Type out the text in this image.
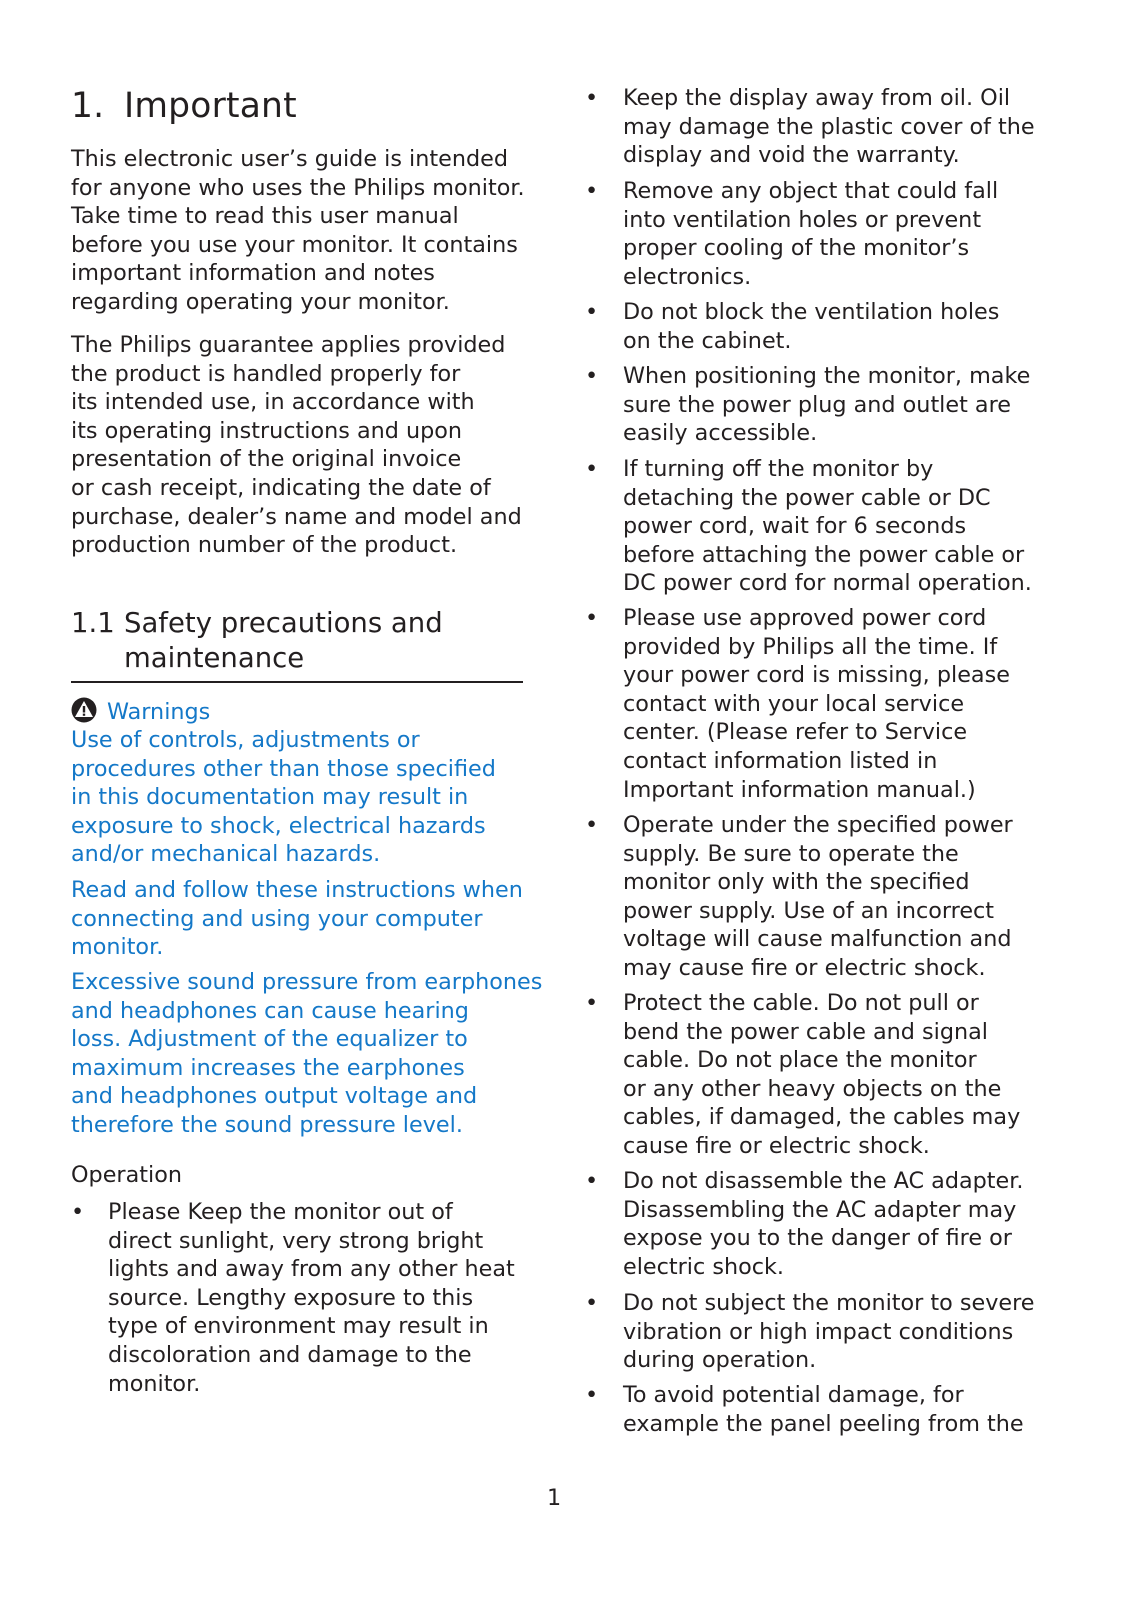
1. Important

This electronic user’s guide is intended
for anyone who uses the Philips monitor.
Take time to read this user manual
before you use your monitor. It contains
important information and notes
regarding operating your monitor.

The Philips guarantee applies provided
the product is handled properly for
its intended use, in accordance with
its operating instructions and upon
presentation of the original invoice
or cash receipt, indicating the date of
purchase, dealer’s name and model and
production number of the product.

1.1 Safety precautions and
maintenance
Warnings

Use of controls, adjustments or
procedures other than those specified
in this documentation may result in
exposure to shock, electrical hazards
and/or mechanical hazards.

Read and follow these instructions when
connecting and using your computer
monitor.

Excessive sound pressure from earphones
and headphones can cause hearing
loss. Adjustment of the equalizer to
maximum increases the earphones
and headphones output voltage and
therefore the sound pressure level.

Operation
• Please Keep the monitor out of
direct sunlight, very strong bright
lights and away from any other heat
source. Lengthy exposure to this
type of environment may result in
discoloration and damage to the
monitor.
• Keep the display away from oil. Oil
may damage the plastic cover of the
display and void the warranty.
• Remove any object that could fall
into ventilation holes or prevent
proper cooling of the monitor’s
electronics.
• Do not block the ventilation holes
on the cabinet.
• When positioning the monitor, make
sure the power plug and outlet are
easily accessible.
• If turning off the monitor by
detaching the power cable or DC
power cord, wait for 6 seconds
before attaching the power cable or
DC power cord for normal operation.
• Please use approved power cord
provided by Philips all the time. If
your power cord is missing, please
contact with your local service
center. (Please refer to Service
contact information listed in
Important information manual.)
• Operate under the specified power
supply. Be sure to operate the
monitor only with the specified
power supply. Use of an incorrect
voltage will cause malfunction and
may cause fire or electric shock.
• Protect the cable. Do not pull or
bend the power cable and signal
cable. Do not place the monitor
or any other heavy objects on the
cables, if damaged, the cables may
cause fire or electric shock.
• Do not disassemble the AC adapter.
Disassembling the AC adapter may
expose you to the danger of fire or
electric shock.
• Do not subject the monitor to severe
vibration or high impact conditions
during operation.
• To avoid potential damage, for
example the panel peeling from the
1
